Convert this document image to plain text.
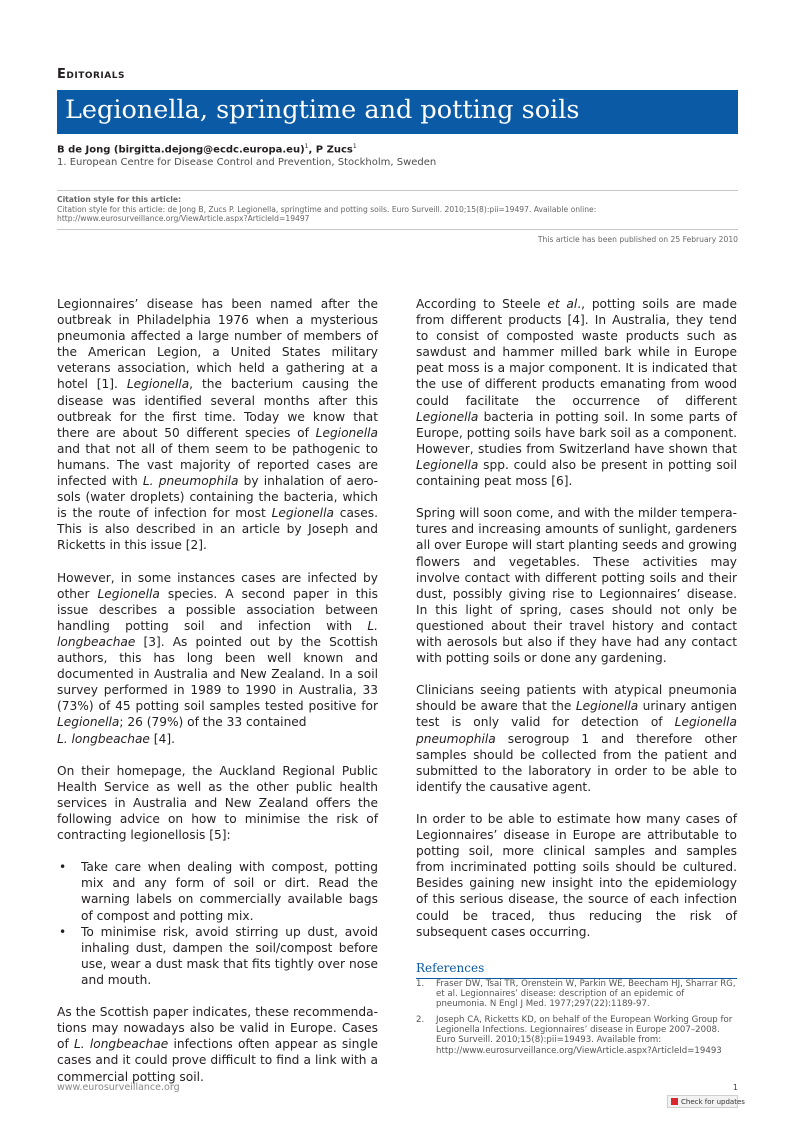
Editorials
Legionella, springtime and potting soils
B de Jong (birgitta.dejong@ecdc.europa.eu)$^1$, P Zucs$^1$
1. European Centre for Disease Control and Prevention, Stockholm, Sweden
Citation style for this article:
Citation style for this article: de Jong B, Zucs P. Legionella, springtime and potting soils. Euro Surveill. 2010;15(8):pii=19497. Available online: http://www.eurosurveillance.org/ViewArticle.aspx?ArticleId=19497
This article has been published on 25 February 2010

Legionnaires’ disease has been named after the outbreak in Philadelphia 1976 when a mysterious pneumonia affected a large number of members of the American Legion, a United States military veterans association, which held a gathering at a hotel [1]. Legionella, the bacterium causing the disease was identified several months after this outbreak for the first time. Today we know that there are about 50 different species of Legionella and that not all of them seem to be pathogenic to humans. The vast majority of reported cases are infected with L. pneumophila by inhalation of aerosols (water droplets) containing the bacteria, which is the route of infection for most Legionella cases. This is also described in an article by Joseph and Ricketts in this issue [2].

However, in some instances cases are infected by other Legionella species. A second paper in this issue describes a possible association between handling potting soil and infection with L. longbeachae [3]. As pointed out by the Scottish authors, this has long been well known and documented in Australia and New Zealand. In a soil survey performed in 1989 to 1990 in Australia, 33 (73%) of 45 potting soil samples tested positive for Legionella; 26 (79%) of the 33 contained
L. longbeachae [4].

On their homepage, the Auckland Regional Public Health Service as well as the other public health services in Australia and New Zealand offers the following advice on how to minimise the risk of contracting legionellosis [5]:

• Take care when dealing with compost, potting mix and any form of soil or dirt. Read the warning labels on commercially available bags of compost and potting mix.
• To minimise risk, avoid stirring up dust, avoid inhaling dust, dampen the soil/compost before use, wear a dust mask that fits tightly over nose and mouth.

As the Scottish paper indicates, these recommendations may nowadays also be valid in Europe. Cases of L. longbeachae infections often appear as single cases and it could prove difficult to find a link with a commercial potting soil.

According to Steele et al., potting soils are made from different products [4]. In Australia, they tend to consist of composted waste products such as sawdust and hammer milled bark while in Europe peat moss is a major component. It is indicated that the use of different products emanating from wood could facilitate the occurrence of different Legionella bacteria in potting soil. In some parts of Europe, potting soils have bark soil as a component. However, studies from Switzerland have shown that Legionella spp. could also be present in potting soil containing peat moss [6].

Spring will soon come, and with the milder temperatures and increasing amounts of sunlight, gardeners all over Europe will start planting seeds and growing flowers and vegetables. These activities may involve contact with different potting soils and their dust, possibly giving rise to Legionnaires’ disease. In this light of spring, cases should not only be questioned about their travel history and contact with aerosols but also if they have had any contact with potting soils or done any gardening.

Clinicians seeing patients with atypical pneumonia should be aware that the Legionella urinary antigen test is only valid for detection of Legionella pneumophila serogroup 1 and therefore other samples should be collected from the patient and submitted to the laboratory in order to be able to identify the causative agent.

In order to be able to estimate how many cases of Legionnaires’ disease in Europe are attributable to potting soil, more clinical samples and samples from incriminated potting soils should be cultured. Besides gaining new insight into the epidemiology of this serious disease, the source of each infection could be traced, thus reducing the risk of subsequent cases occurring.

References
1. Fraser DW, Tsai TR, Orenstein W, Parkin WE, Beecham HJ, Sharrar RG, et al. Legionnaires’ disease: description of an epidemic of pneumonia. N Engl J Med. 1977;297(22):1189-97.
2. Joseph CA, Ricketts KD, on behalf of the European Working Group for Legionella Infections. Legionnaires’ disease in Europe 2007–2008. Euro Surveill. 2010;15(8):pii=19493. Available from: http://www.eurosurveillance.org/ViewArticle.aspx?ArticleId=19493
www.eurosurveillance.org	1
Check for updates
